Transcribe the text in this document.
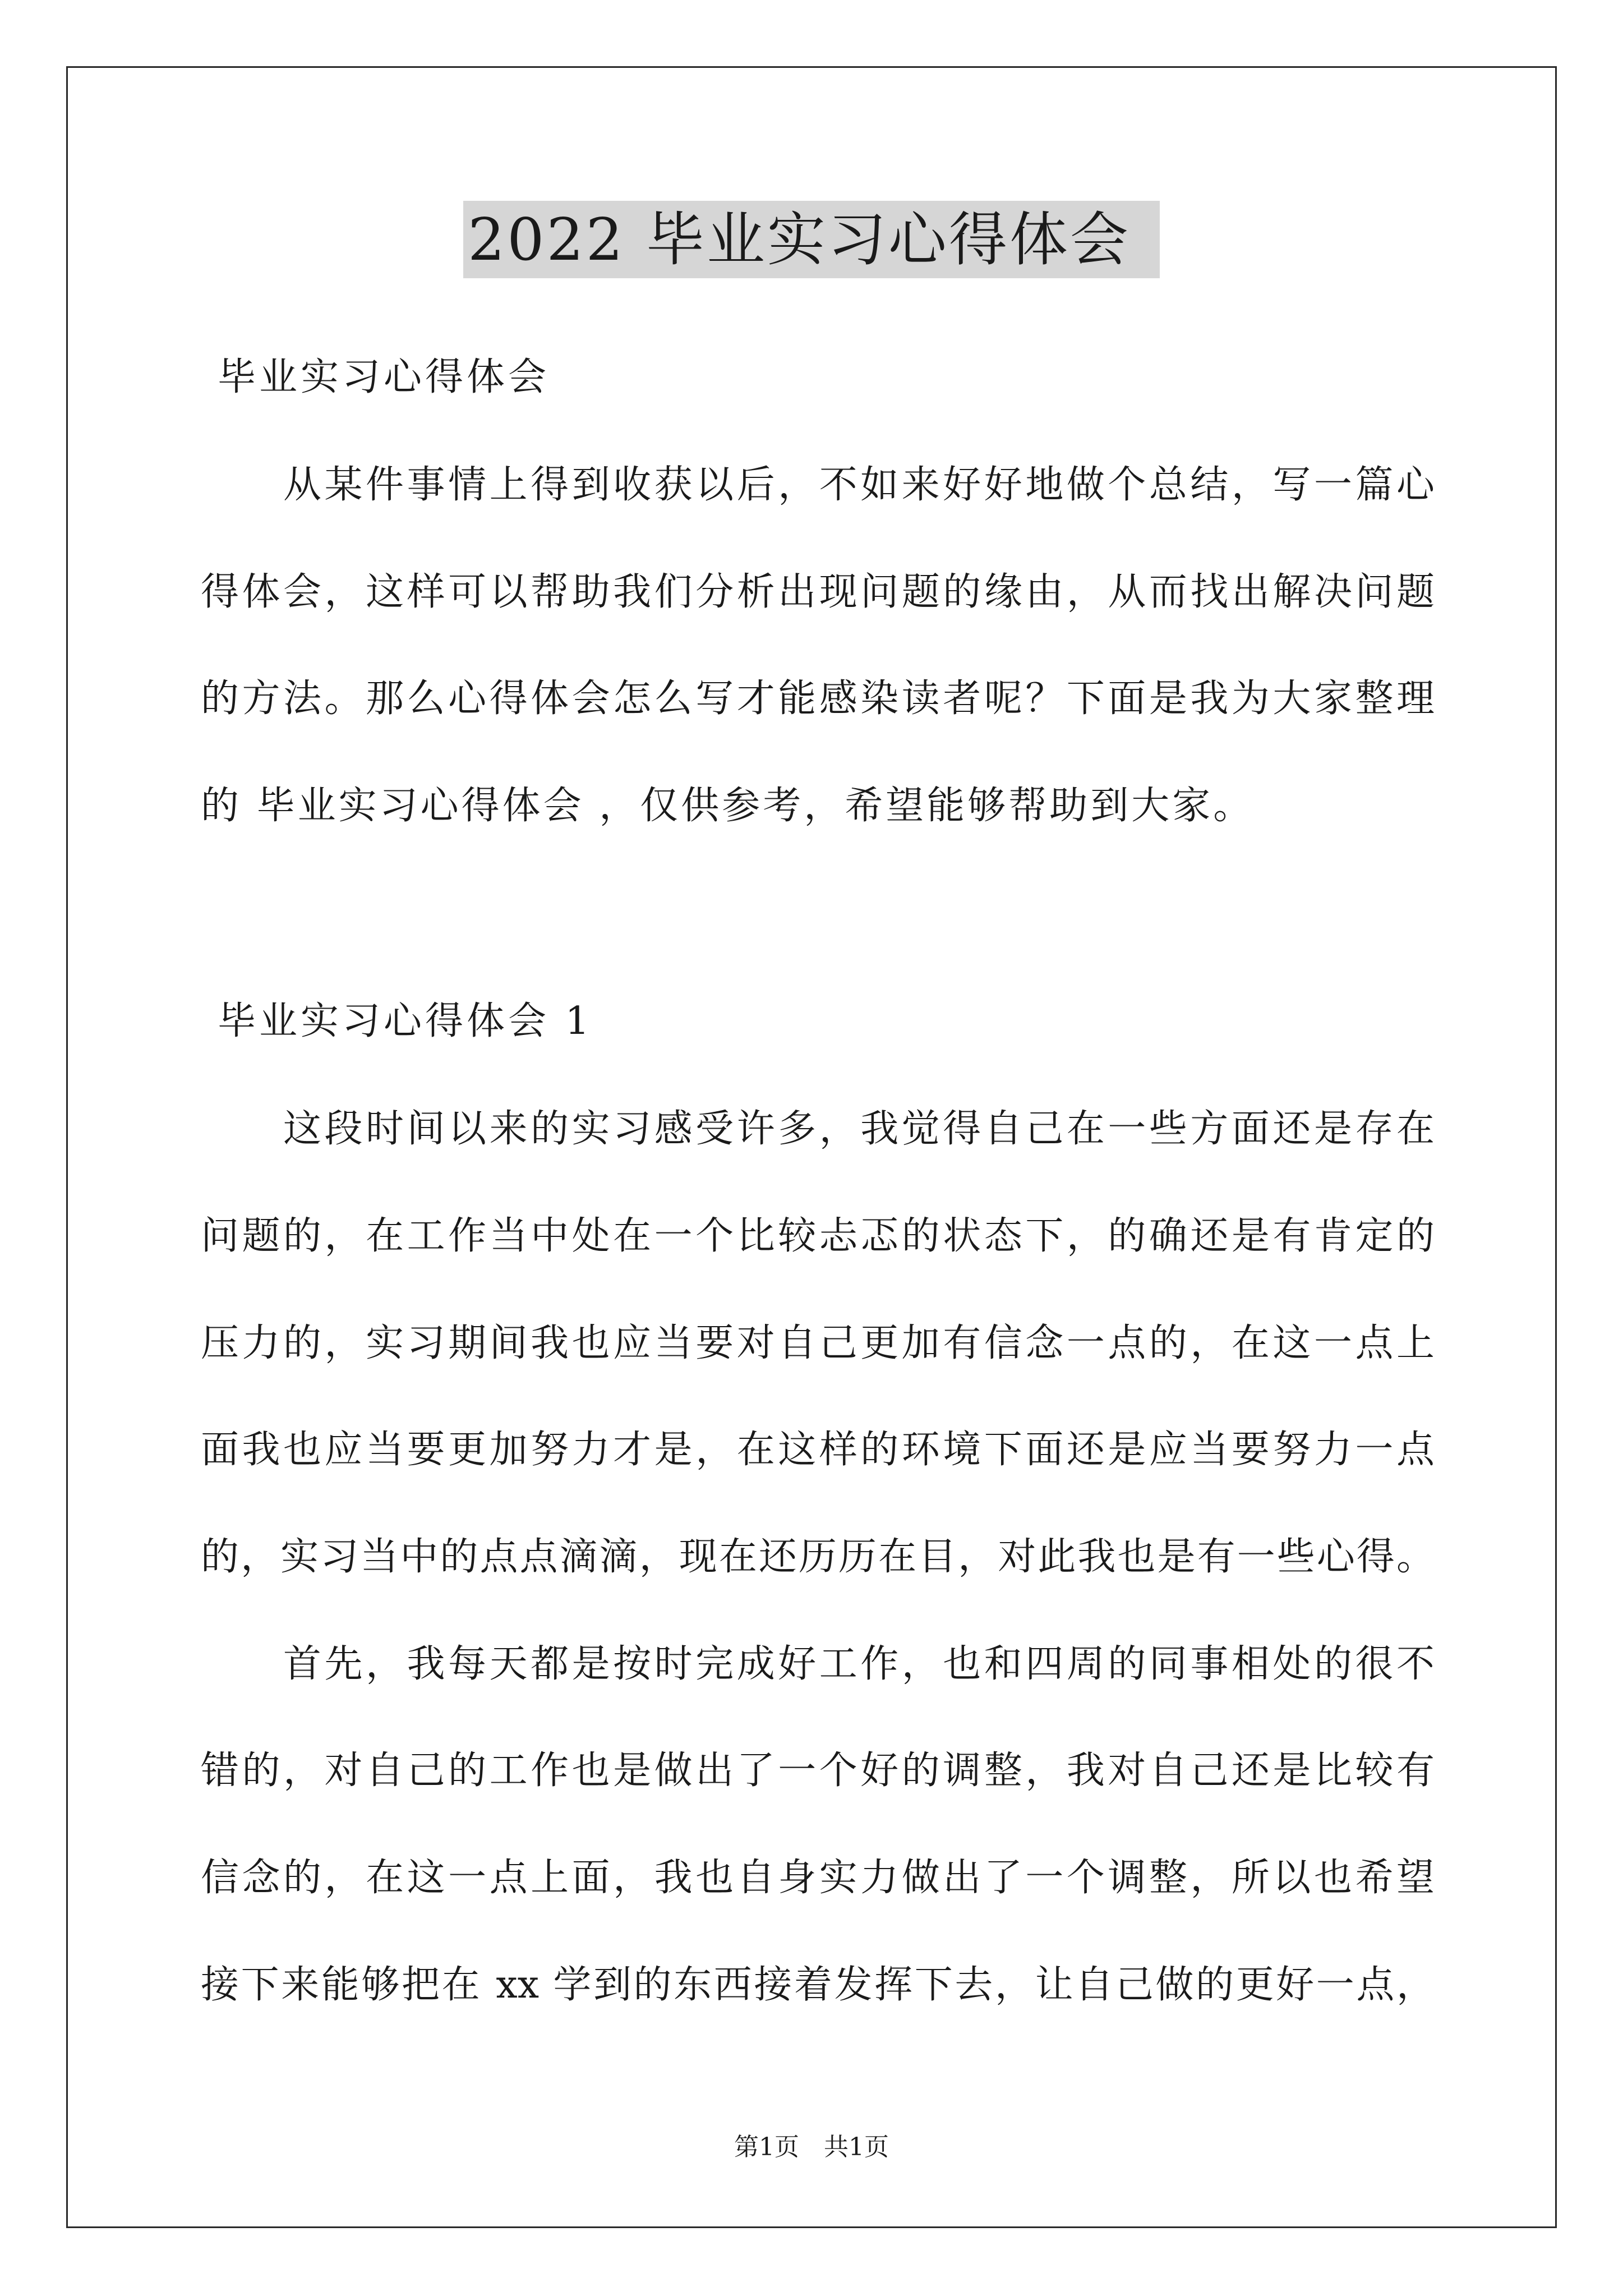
2022 毕业实习心得体会
毕业实习心得体会
从某件事情上得到收获以后，不如来好好地做个总结，写一篇心
得体会，这样可以帮助我们分析出现问题的缘由，从而找出解决问题
的方法。那么心得体会怎么写才能感染读者呢？下面是我为大家整理
的 毕业实习心得体会 ，仅供参考，希望能够帮助到大家。
毕业实习心得体会 1
这段时间以来的实习感受许多，我觉得自己在一些方面还是存在
问题的，在工作当中处在一个比较忐忑的状态下，的确还是有肯定的
压力的，实习期间我也应当要对自己更加有信念一点的，在这一点上
面我也应当要更加努力才是，在这样的环境下面还是应当要努力一点
的，实习当中的点点滴滴，现在还历历在目，对此我也是有一些心得。
首先，我每天都是按时完成好工作，也和四周的同事相处的很不
错的，对自己的工作也是做出了一个好的调整，我对自己还是比较有
信念的，在这一点上面，我也自身实力做出了一个调整，所以也希望
接下来能够把在 xx 学到的东西接着发挥下去，让自己做的更好一点，
第1页　共1页
